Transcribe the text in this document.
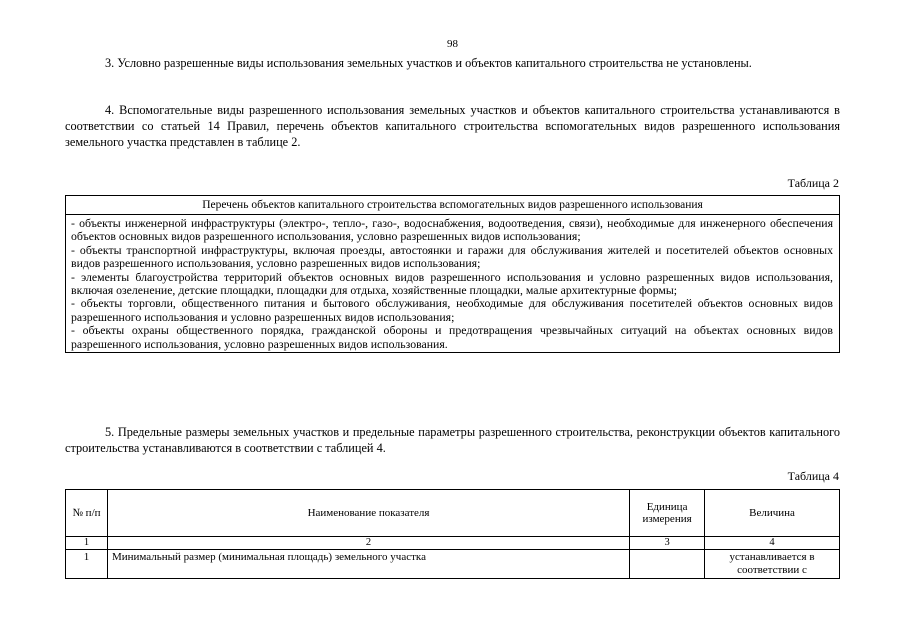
98

3. Условно разрешенные виды использования земельных участков и объектов капитального строительства не установлены.

4. Вспомогательные виды разрешенного использования земельных участков и объектов капитального строительства устанавливаются в соответствии со статьей 14 Правил, перечень объектов капитального строительства вспомогательных видов разрешенного использования земельного участка представлен в таблице 2.

Таблица 2
Перечень объектов капитального строительства вспомогательных видов разрешенного использования

- объекты инженерной инфраструктуры (электро-, тепло-, газо-, водоснабжения, водоотведения, связи), необходимые для инженерного обеспечения объектов основных видов разрешенного использования, условно разрешенных видов использования;

- объекты транспортной инфраструктуры, включая проезды, автостоянки и гаражи для обслуживания жителей и посетителей объектов основных видов разрешенного использования, условно разрешенных видов использования;

- элементы благоустройства территорий объектов основных видов разрешенного использования и условно разрешенных видов использования, включая озеленение, детские площадки, площадки для отдыха, хозяйственные площадки, малые архитектурные формы;

- объекты торговли, общественного питания и бытового обслуживания, необходимые для обслуживания посетителей объектов основных видов разрешенного использования и условно разрешенных видов использования;

- объекты охраны общественного порядка, гражданской обороны и предотвращения чрезвычайных ситуаций на объектах основных видов разрешенного использования, условно разрешенных видов использования.

5. Предельные размеры земельных участков и предельные параметры разрешенного строительства, реконструкции объектов капитального строительства устанавливаются в соответствии с таблицей 4.

Таблица 4
№ п/п	Наименование показателя	Единица измерения	Величина
1	2	3	4
1	Минимальный размер (минимальная площадь) земельного участка		устанавливается в соответствии с
